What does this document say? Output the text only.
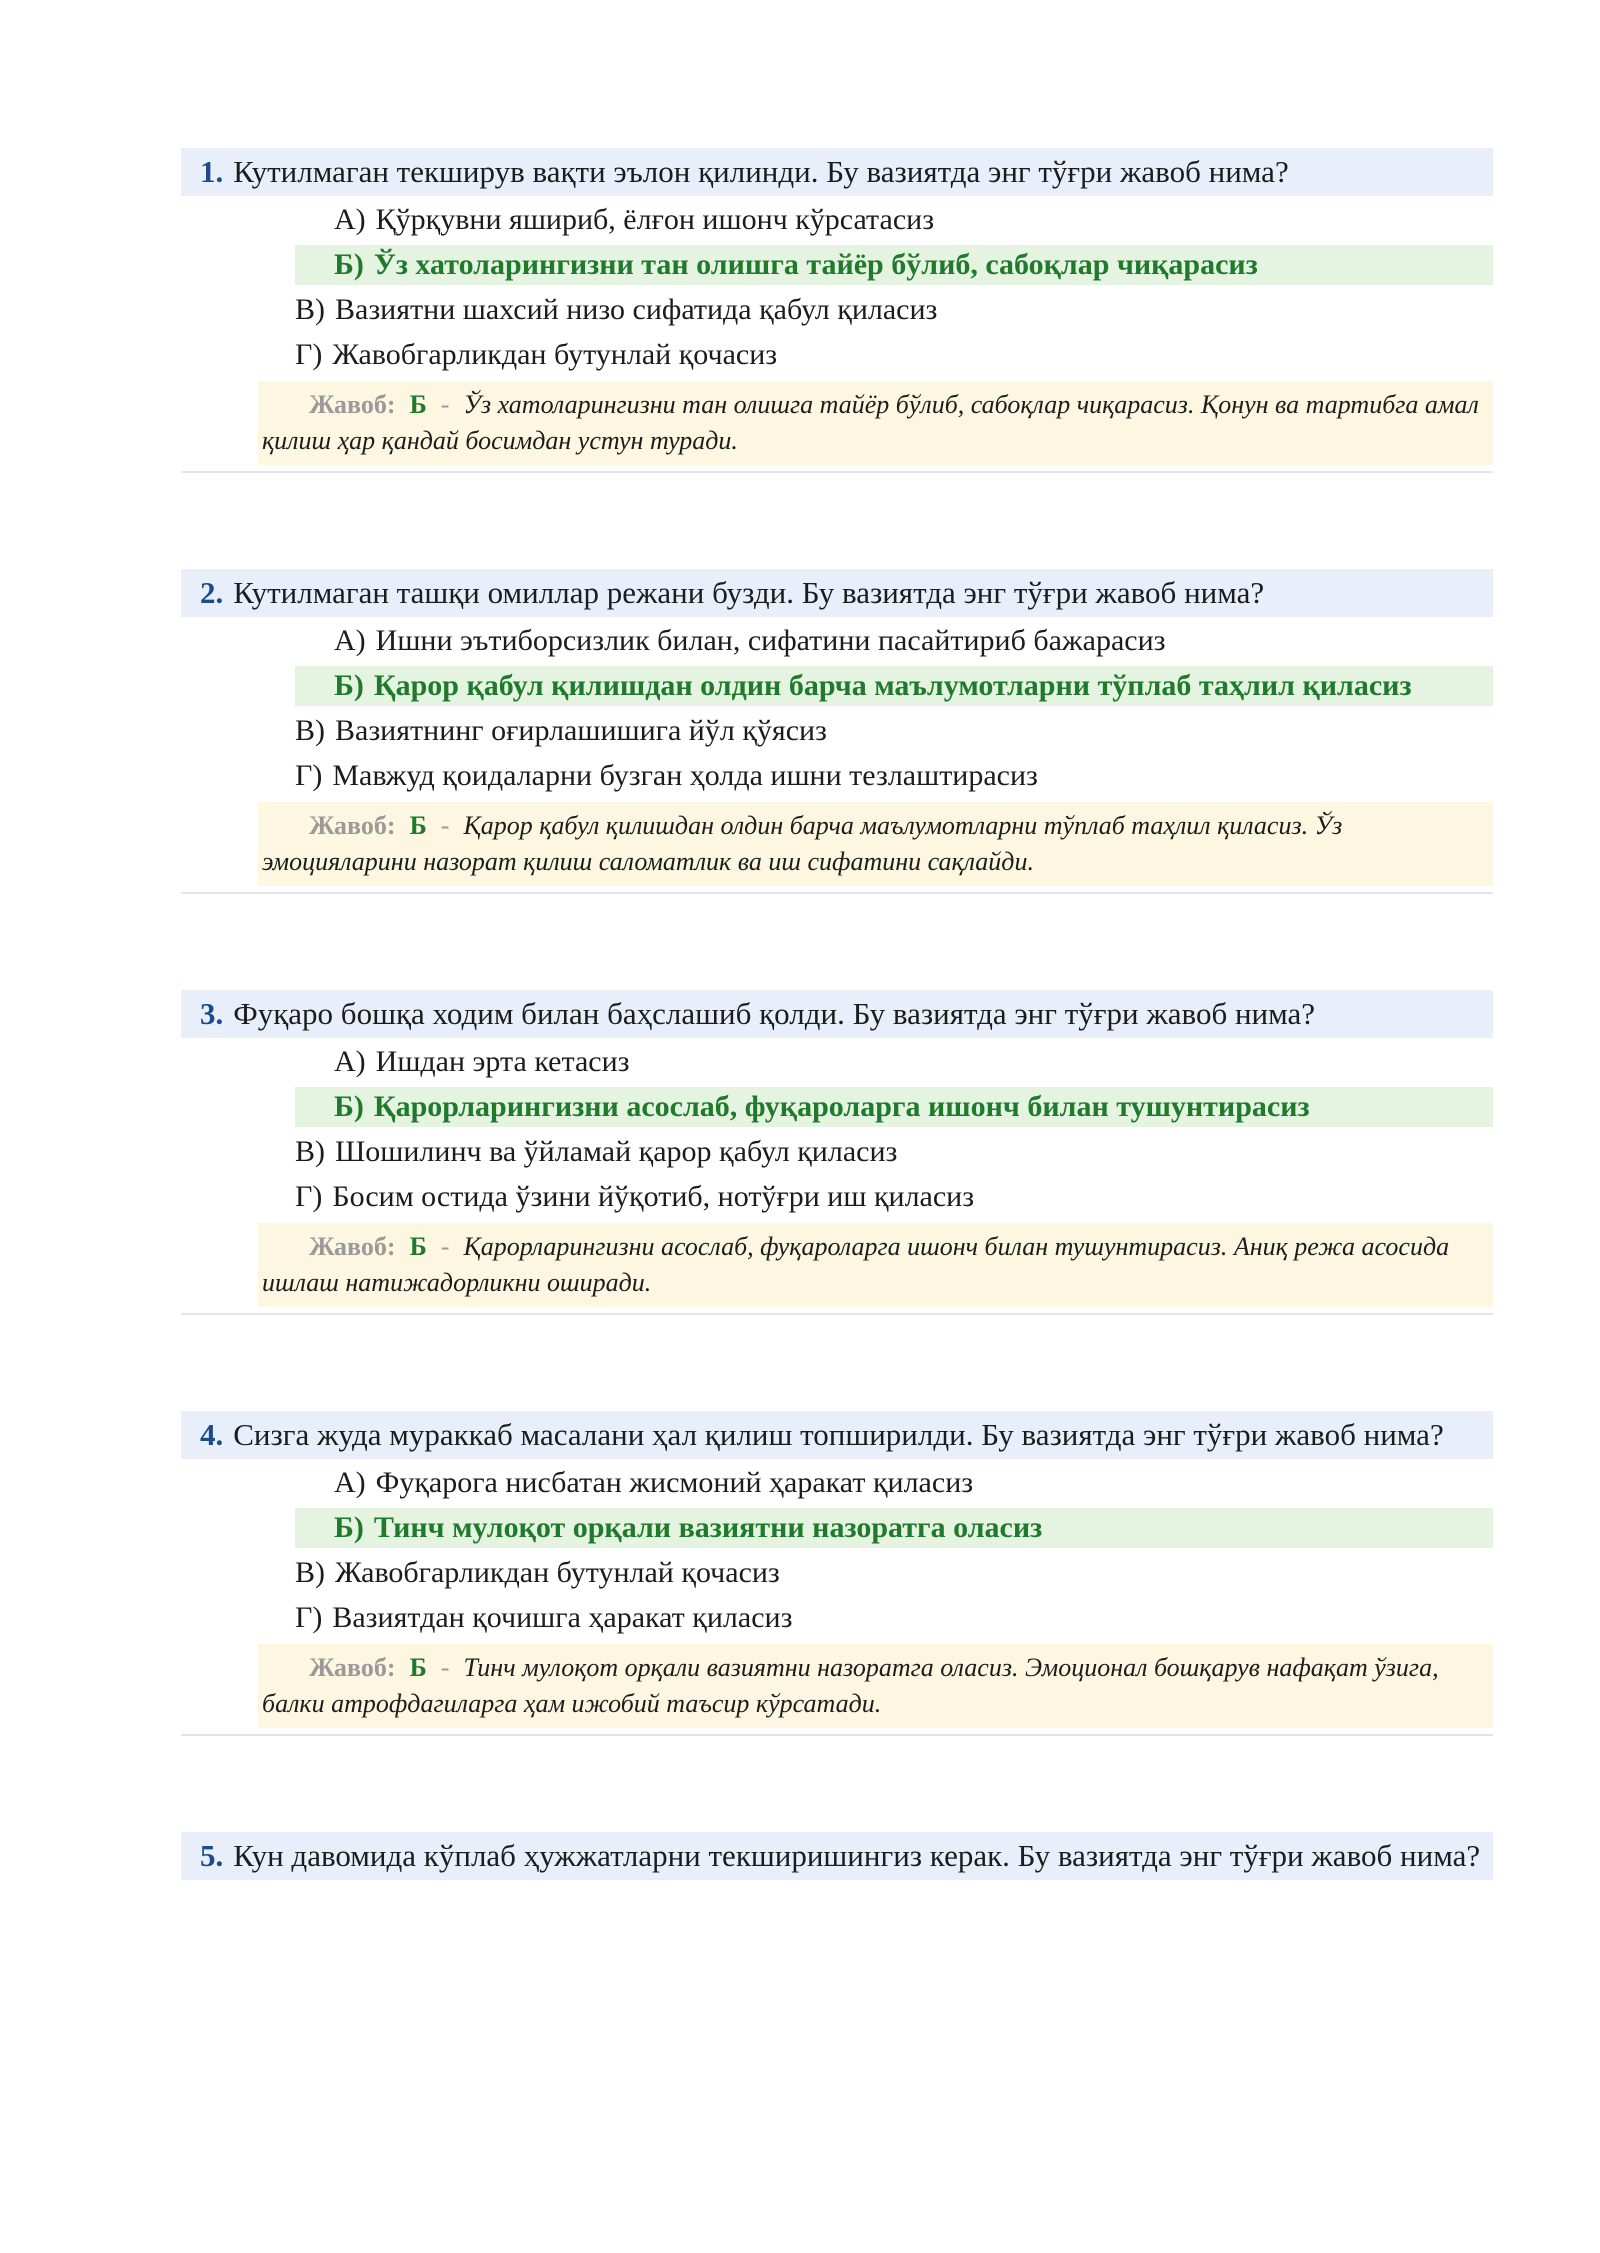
1. Кутилмаган текширув вақти эълон қилинди. Бу вазиятда энг тўғри жавоб нима?
А) Қўрқувни яшириб, ёлғон ишонч кўрсатасиз
Б) Ўз хатоларингизни тан олишга тайёр бўлиб, сабоқлар чиқарасиз
В) Вазиятни шахсий низо сифатида қабул қиласиз
Г) Жавобгарликдан бутунлай қочасиз
Жавоб: Б - Ўз хатоларингизни тан олишга тайёр бўлиб, сабоқлар чиқарасиз. Қонун ва тартибга амал қилиш ҳар қандай босимдан устун туради.
2. Кутилмаган ташқи омиллар режани бузди. Бу вазиятда энг тўғри жавоб нима?
А) Ишни эътиборсизлик билан, сифатини пасайтириб бажарасиз
Б) Қарор қабул қилишдан олдин барча маълумотларни тўплаб таҳлил қиласиз
В) Вазиятнинг оғирлашишига йўл қўясиз
Г) Мавжуд қоидаларни бузган ҳолда ишни тезлаштирасиз
Жавоб: Б - Қарор қабул қилишдан олдин барча маълумотларни тўплаб таҳлил қиласиз. Ўз эмоцияларини назорат қилиш саломатлик ва иш сифатини сақлайди.
3. Фуқаро бошқа ходим билан баҳслашиб қолди. Бу вазиятда энг тўғри жавоб нима?
А) Ишдан эрта кетасиз
Б) Қарорларингизни асослаб, фуқароларга ишонч билан тушунтирасиз
В) Шошилинч ва ўйламай қарор қабул қиласиз
Г) Босим остида ўзини йўқотиб, нотўғри иш қиласиз
Жавоб: Б - Қарорларингизни асослаб, фуқароларга ишонч билан тушунтирасиз. Аниқ режа асосида ишлаш натижадорликни оширади.
4. Сизга жуда мураккаб масалани ҳал қилиш топширилди. Бу вазиятда энг тўғри жавоб нима?
А) Фуқарога нисбатан жисмоний ҳаракат қиласиз
Б) Тинч мулоқот орқали вазиятни назоратга оласиз
В) Жавобгарликдан бутунлай қочасиз
Г) Вазиятдан қочишга ҳаракат қиласиз
Жавоб: Б - Тинч мулоқот орқали вазиятни назоратга оласиз. Эмоционал бошқарув нафақат ўзига, балки атрофдагиларга ҳам ижобий таъсир кўрсатади.
5. Кун давомида кўплаб ҳужжатларни текширишингиз керак. Бу вазиятда энг тўғри жавоб нима?
